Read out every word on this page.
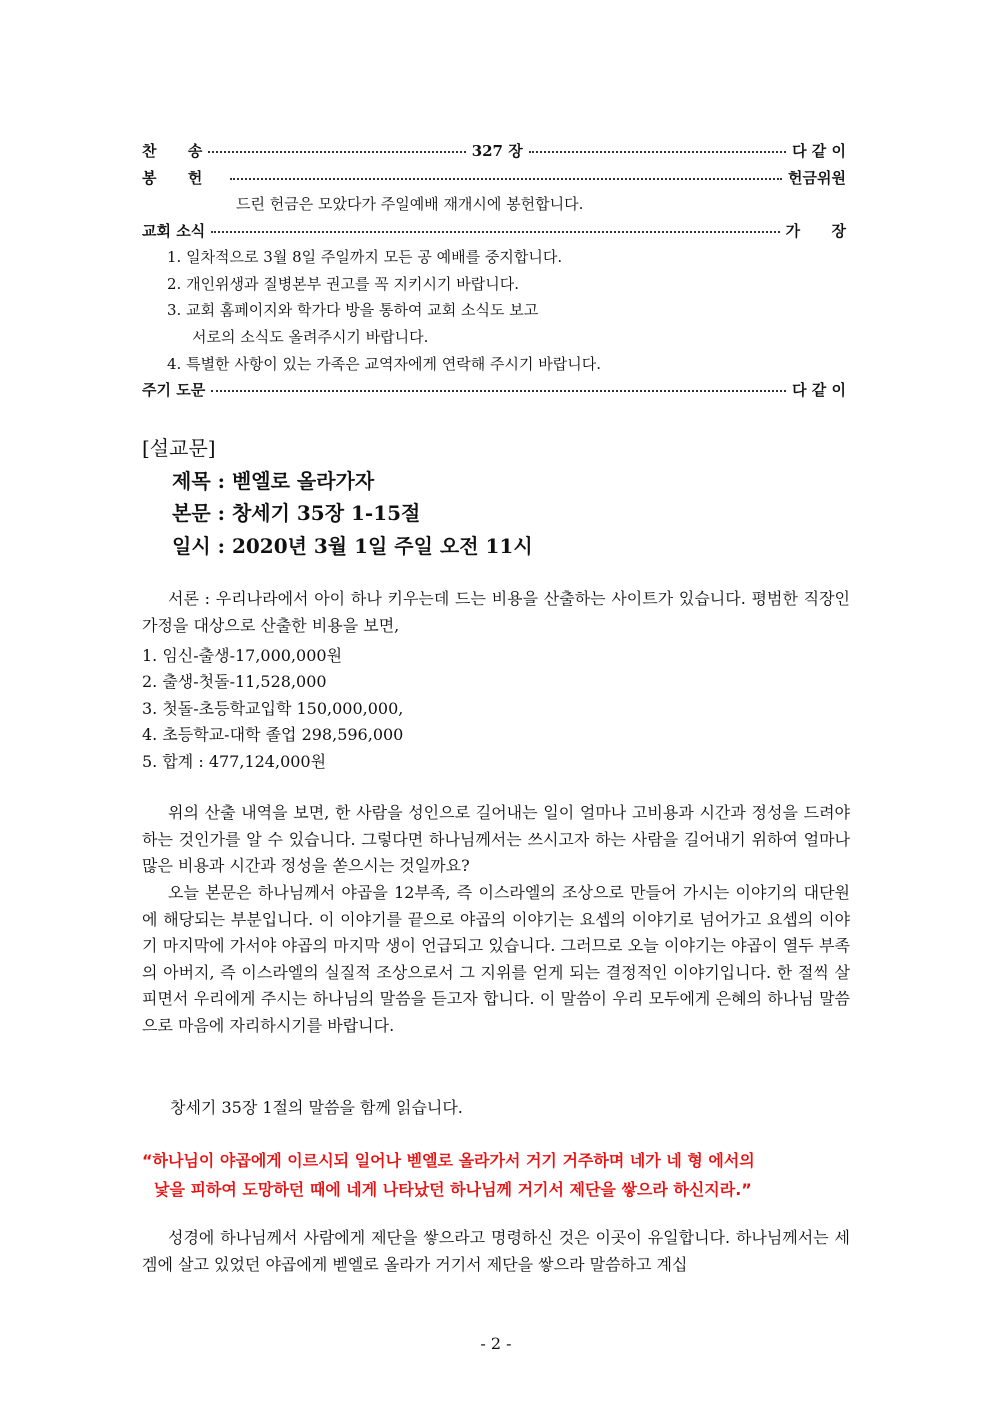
찬      송	327 장	다 같 이
봉      헌	헌금위원
드린 헌금은 모았다가 주일예배 재개시에 봉헌합니다.
교회 소식	가      장
1. 일차적으로 3월 8일 주일까지 모든 공 예배를 중지합니다.
2. 개인위생과 질병본부 권고를 꼭 지키시기 바랍니다.
3. 교회 홈페이지와 학가다 방을 통하여 교회 소식도 보고
서로의 소식도 올려주시기 바랍니다.
4. 특별한 사항이 있는 가족은 교역자에게 연락해 주시기 바랍니다.
주기 도문	다 같 이
[설교문]
제목 : 벧엘로 올라가자
본문 : 창세기 35장 1-15절
일시 : 2020년 3월 1일 주일 오전 11시

서론 : 우리나라에서 아이 하나 키우는데 드는 비용을 산출하는 사이트가 있습니다. 평범한 직장인 가정을 대상으로 산출한 비용을 보면,

1. 임신-출생-17,000,000원
2. 출생-첫돌-11,528,000
3. 첫돌-초등학교입학 150,000,000,
4. 초등학교-대학 졸업 298,596,000
5. 합계 : 477,124,000원

위의 산출 내역을 보면, 한 사람을 성인으로 길어내는 일이 얼마나 고비용과 시간과 정성을 드려야하는 것인가를 알 수 있습니다. 그렇다면 하나님께서는 쓰시고자 하는 사람을 길어내기 위하여 얼마나 많은 비용과 시간과 정성을 쏟으시는 것일까요?

오늘 본문은 하나님께서 야곱을 12부족, 즉 이스라엘의 조상으로 만들어 가시는 이야기의 대단원에 해당되는 부분입니다. 이 이야기를 끝으로 야곱의 이야기는 요셉의 이야기로 넘어가고 요셉의 이야기 마지막에 가서야 야곱의 마지막 생이 언급되고 있습니다. 그러므로 오늘 이야기는 야곱이 열두 부족의 아버지, 즉 이스라엘의 실질적 조상으로서 그 지위를 얻게 되는 결정적인 이야기입니다. 한 절씩 살피면서 우리에게 주시는 하나님의 말씀을 듣고자 합니다. 이 말씀이 우리 모두에게 은혜의 하나님 말씀으로 마음에 자리하시기를 바랍니다.

창세기 35장 1절의 말씀을 함께 읽습니다.
“하나님이 야곱에게 이르시되 일어나 벧엘로 올라가서 거기 거주하며 네가 네 형 에서의
낯을 피하여 도망하던 때에 네게 나타났던 하나님께 거기서 제단을 쌓으라 하신지라.”

성경에 하나님께서 사람에게 제단을 쌓으라고 명령하신 것은 이곳이 유일합니다. 하나님께서는 세겜에 살고 있었던 야곱에게 벧엘로 올라가 거기서 제단을 쌓으라 말씀하고 계십

- 2 -
